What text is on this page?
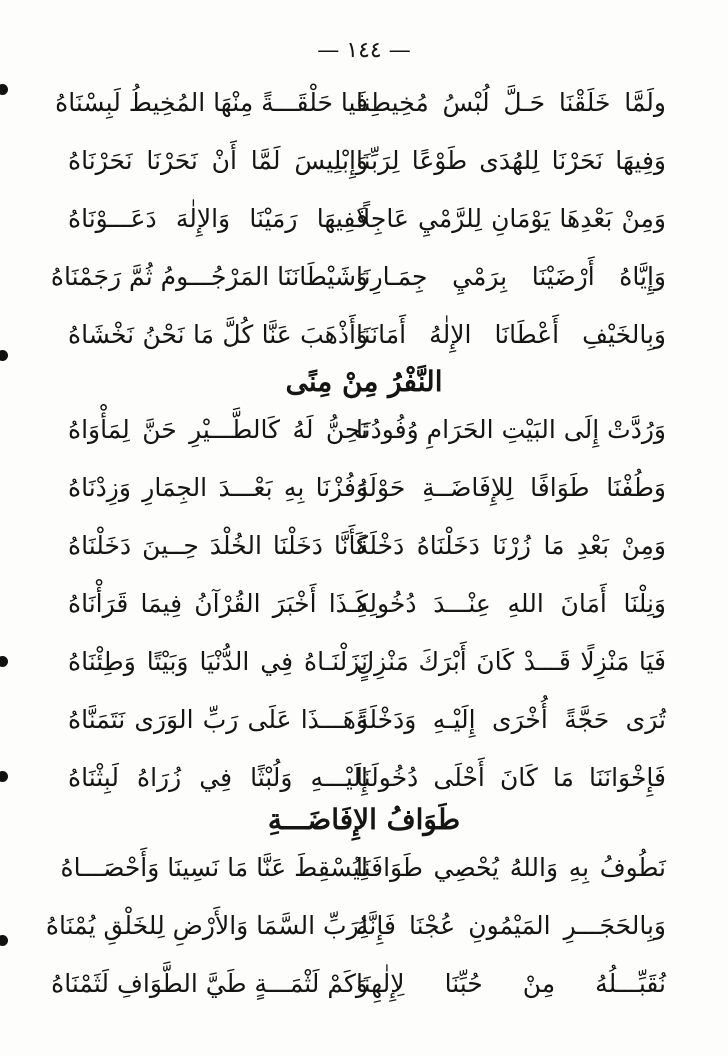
— ١٤٤ —
ولَمَّا خَلَقْنَا حَـلَّ لُبْسُ مُخِيطِنا
فَيا حَلْقَـــةً مِنْهَا المُخِيطُ لَبِسْنَاهُ
وَفِيهَا نَحَرْنَا لِلهُدَى طَوْعًا لِرَبِّنَا
وَإِبْلِيسَ لَمَّا أَنْ نَحَرْنَا نَحَرْنَاهُ
وَمِنْ بَعْدِهَا يَوْمَانِ لِلرَّمْيِ عَاجِلًا
فَفِيهَا رَمَيْنَا وَالإِلٰهَ دَعَـــوْنَاهُ
وَإِيَّاهُ أَرْضَيْنَا بِرَمْيِ جِمَـارِنَا
وَشَيْطَانَنَا المَرْجُـــومُ ثُمَّ رَجَمْنَاهُ
وَبِالخَيْفِ أَعْطَانَا الإِلٰهُ أَمَانَنَا
وَأَذْهَبَ عَنَّا كُلَّ مَا نَحْنُ نَخْشَاهُ
النَّفْرُ مِنْ مِنًى
وَرُدَّتْ إِلَى البَيْتِ الحَرَامِ وُفُودُنَا
نَحِنُّ لَهُ كَالطَّـــيْرِ حَنَّ لِمَأْوَاهُ
وَطُفْنَا طَوَافًا لِلإِفَاضَــةِ حَوْلَهُ
وَفُزْنَا بِهِ بَعْـــدَ الجِمَارِ وَزِدْنَاهُ
وَمِنْ بَعْدِ مَا زُرْنَا دَخَلْنَاهُ دَخْلَةً
كَأَنَّا دَخَلْنَا الخُلْدَ حِــينَ دَخَلْنَاهُ
وَنِلْنَا أَمَانَ اللهِ عِنْـــدَ دُخُولِهِ
كَـذَا أَخْبَرَ القُرْآنُ فِيمَا قَرَأْنَاهُ
فَيَا مَنْزِلًا قَـــدْ كَانَ أَبْرَكَ مَنْزِلٍ
نَزَلْنَـاهُ فِي الدُّنْيَا وَبَيْتًا وَطِئْنَاهُ
تُرَى حَجَّةً أُخْرَى إِلَيْـهِ وَدَخْلَةً
وَهَـــذَا عَلَى رَبِّ الوَرَى نَتَمَنَّاهُ
فَإِخْوَانَنَا مَا كَانَ أَحْلَى دُخُولَنَا
إِلَيْـــهِ وَلُبْثًا فِي زُرَاهُ لَبِثْنَاهُ
طَوَافُ الإِفَاضَـــةِ
نَطُوفُ بِهِ وَاللهُ يُحْصِي طَوَافَنَا
لِيُسْقِطَ عَنَّا مَا نَسِينَا وَأَحْصَـــاهُ
وَبِالحَجَـــرِ المَيْمُونِ عُجْنَا فَإِنَّهُ
لِرَبِّ السَّمَا وَالأَرْضِ لِلخَلْقِ يُمْنَاهُ
نُقَبِّـــلُهُ مِنْ حُبِّنَا لِإِلٰهِنَا
وَكَمْ لَثْمَـــةٍ طَيَّ الطَّوَافِ لَثَمْنَاهُ
